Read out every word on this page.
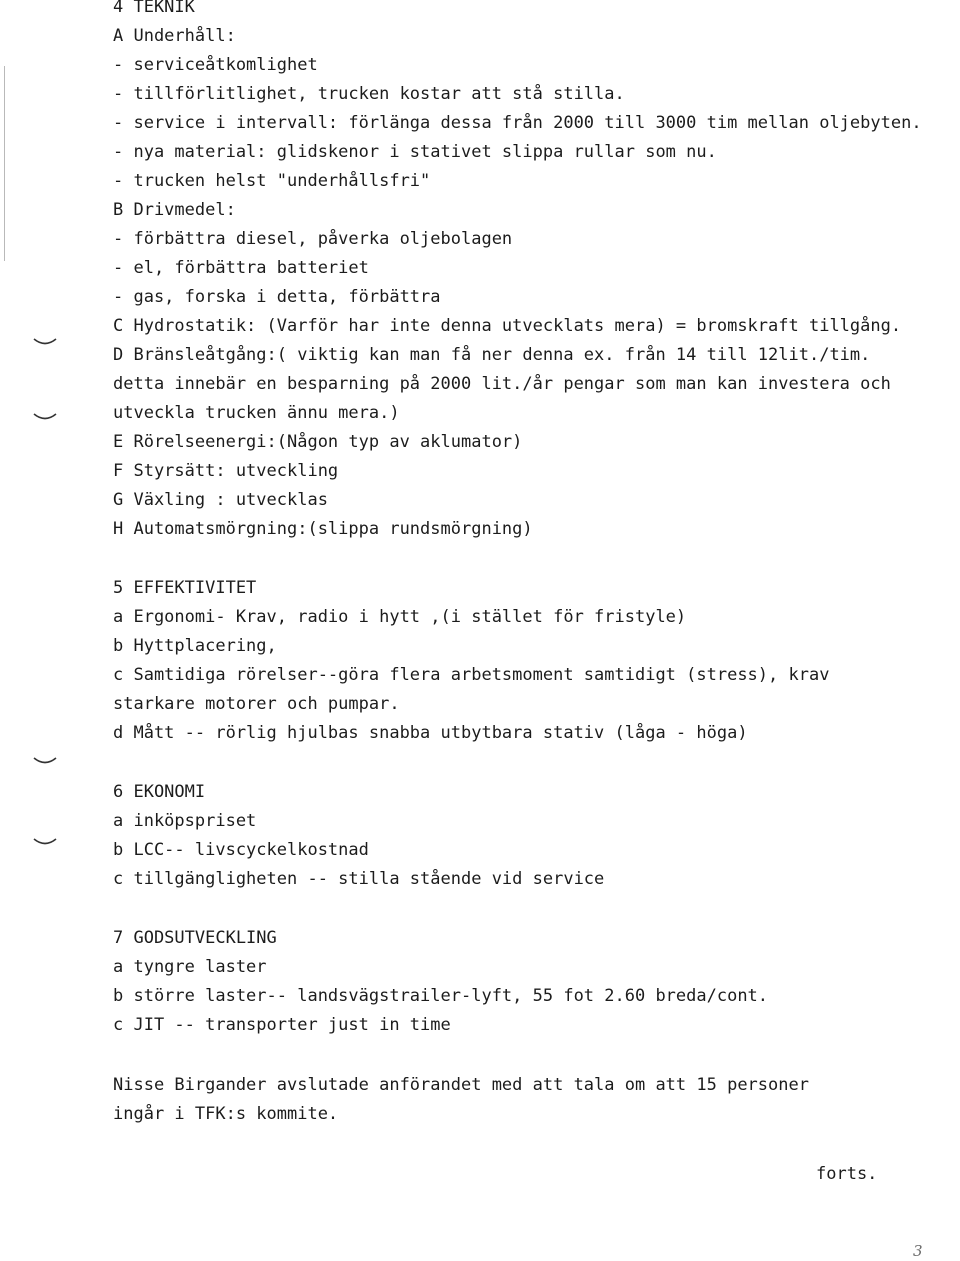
4 TEKNIK
A Underhåll:
- serviceåtkomlighet
- tillförlitlighet, trucken kostar att stå stilla.
- service i intervall: förlänga dessa från 2000 till 3000 tim mellan oljebyten.
- nya material: glidskenor i stativet slippa rullar som nu.
- trucken helst "underhållsfri"
B Drivmedel:
- förbättra diesel, påverka oljebolagen
- el, förbättra batteriet
- gas, forska i detta, förbättra
C Hydrostatik: (Varför har inte denna utvecklats mera) = bromskraft tillgång.
D Bränsleåtgång:( viktig kan man få ner denna ex. från 14 till 12lit./tim.
detta innebär en besparning på 2000 lit./år pengar som man kan investera och
utveckla trucken ännu mera.)
E Rörelseenergi:(Någon typ av aklumator)
F Styrsätt: utveckling
G Växling : utvecklas
H Automatsmörgning:(slippa rundsmörgning)
5 EFFEKTIVITET
a Ergonomi- Krav, radio i hytt ,(i stället för fristyle)
b Hyttplacering,
c Samtidiga rörelser--göra flera arbetsmoment samtidigt (stress), krav
starkare motorer och pumpar.
d Mått -- rörlig hjulbas snabba utbytbara stativ (låga - höga)
6 EKONOMI
a inköpspriset
b LCC-- livscyckelkostnad
c tillgängligheten -- stilla stående vid service
7 GODSUTVECKLING
a tyngre laster
b större laster-- landsvägstrailer-lyft, 55 fot 2.60 breda/cont.
c JIT -- transporter just in time
Nisse Birgander avslutade anförandet med att tala om att 15 personer
ingår i TFK:s kommite.
forts.
3
